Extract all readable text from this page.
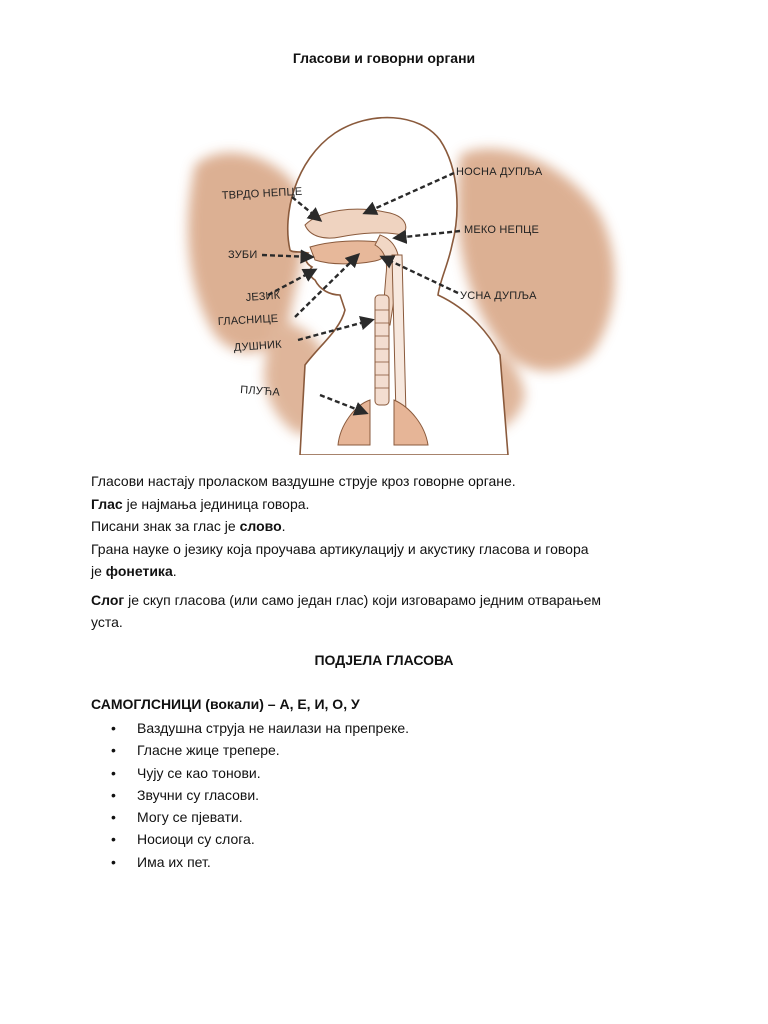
Гласови и говорни органи
ТВРДО НЕПЦЕ
ЗУБИ
ЈЕЗИК
ГЛАСНИЦЕ
ДУШНИК
ПЛУЋА
НОСНА ДУПЉА
МЕКО НЕПЦЕ
УСНА ДУПЉА

Гласови настају проласком ваздушне струје кроз говорне органе.

Глас је најмања јединица говора.

Писани знак за глас је слово.

Грана науке о језику која проучава артикулацију и акустику гласова и говора

је фонетика.

Слог је скуп гласова (или само један глас) који изговарамо једним отварањем

уста.

ПОДЈЕЛА ГЛАСОВА
САМОГЛСНИЦИ (вокали) – А, Е, И, О, У
• Ваздушна струја не наилази на препреке.
• Гласне жице трепере.
• Чују се као тонови.
• Звучни су гласови.
• Могу се пјевати.
• Носиоци су слога.
• Има их пет.
